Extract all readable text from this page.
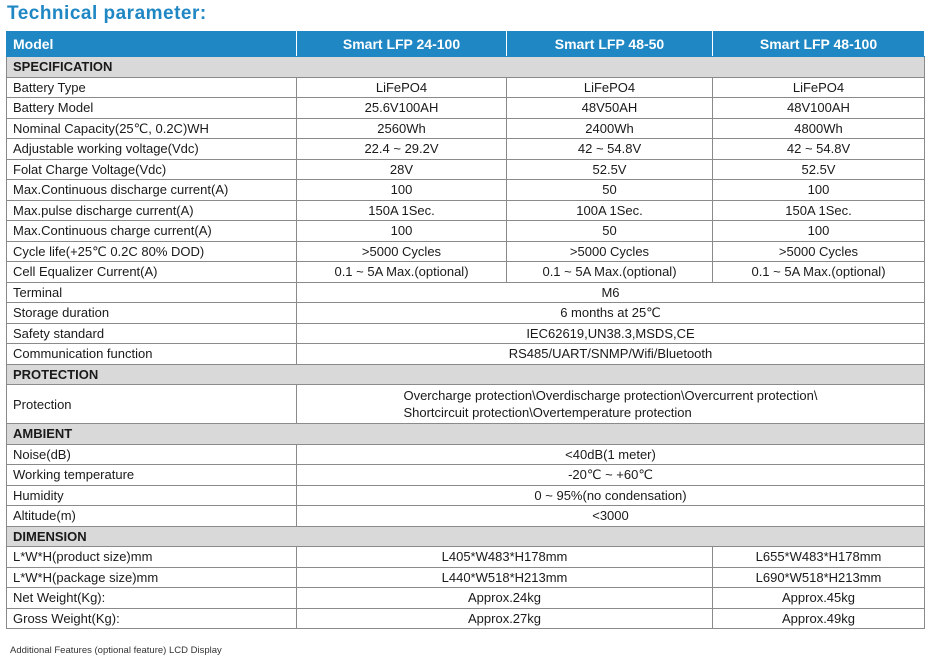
Technical parameter:
Model	Smart LFP 24-100	Smart LFP 48-50	Smart LFP 48-100
SPECIFICATION			
Battery Type	LiFePO4	LiFePO4	LiFePO4
Battery Model	25.6V100AH	48V50AH	48V100AH
Nominal Capacity(25℃, 0.2C)WH	2560Wh	2400Wh	4800Wh
Adjustable working voltage(Vdc)	22.4 ~ 29.2V	42 ~ 54.8V	42 ~ 54.8V
Folat Charge Voltage(Vdc)	28V	52.5V	52.5V
Max.Continuous discharge current(A)	100	50	100
Max.pulse discharge current(A)	150A 1Sec.	100A 1Sec.	150A 1Sec.
Max.Continuous charge current(A)	100	50	100
Cycle life(+25℃ 0.2C 80% DOD)	>5000 Cycles	>5000 Cycles	>5000 Cycles
Cell Equalizer Current(A)	0.1 ~ 5A Max.(optional)	0.1 ~ 5A Max.(optional)	0.1 ~ 5A Max.(optional)
Terminal	M6		
Storage duration	6 months at 25℃		
Safety standard	IEC62619,UN38.3,MSDS,CE		
Communication function	RS485/UART/SNMP/Wifi/Bluetooth		
PROTECTION			
Protection	Overcharge protection\Overdischarge protection\Overcurrent protection\
Shortcircuit protection\Overtemperature protection		
AMBIENT			
Noise(dB)	<40dB(1 meter)		
Working temperature	-20℃ ~ +60℃		
Humidity	0 ~ 95%(no condensation)		
Altitude(m)	<3000		
DIMENSION			
L*W*H(product size)mm	L405*W483*H178mm		L655*W483*H178mm
L*W*H(package size)mm	L440*W518*H213mm		L690*W518*H213mm
Net Weight(Kg):	Approx.24kg		Approx.45kg
Gross Weight(Kg):	Approx.27kg		Approx.49kg
Additional Features (optional feature) LCD Display
